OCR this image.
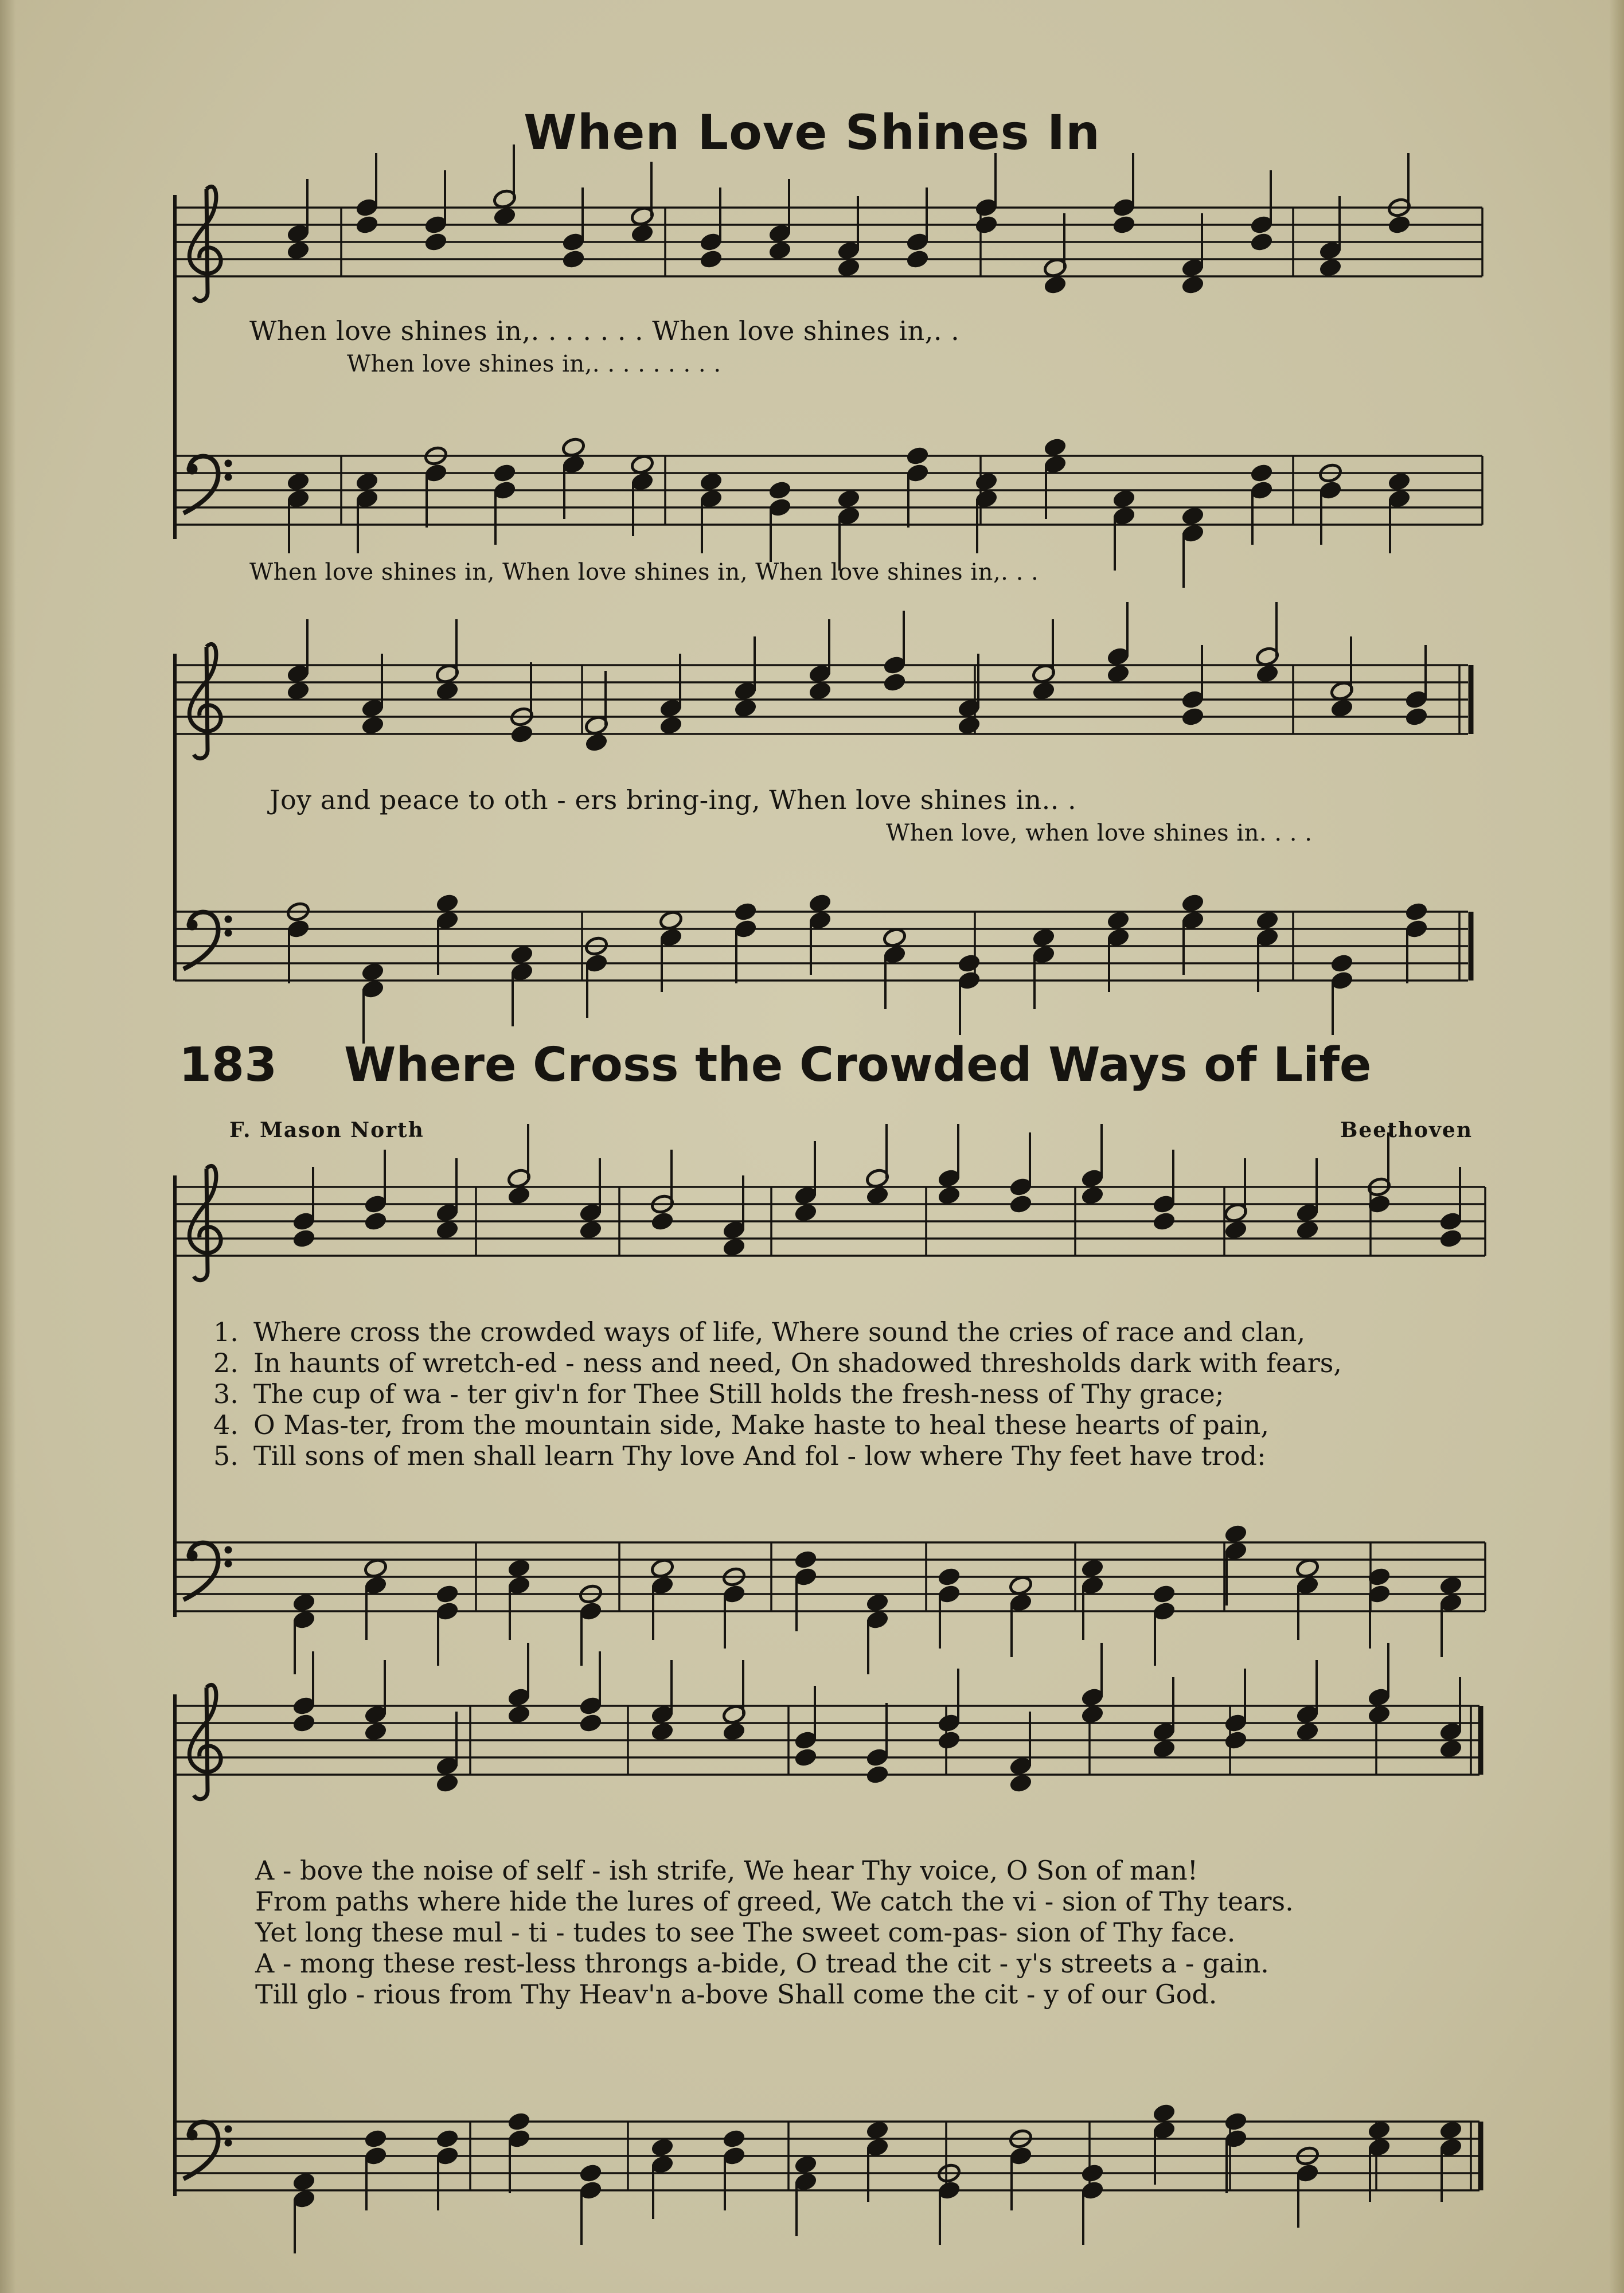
When Love Shines In
When love shines in,. . . . . . . When love shines in,. .
When love shines in,. . . . . . . . .
When love shines in, When love shines in, When love shines in,. . .
Joy and peace to oth - ers bring-ing, When love shines in.. .
When love, when love shines in. . . .
183 Where Cross the Crowded Ways of Life
F. Mason North	Beethoven
1. Where cross the crowded ways of life, Where sound the cries of race and clan,
2. In haunts of wretch-ed - ness and need, On shadowed thresholds dark with fears,
3. The cup of wa - ter giv'n for Thee Still holds the fresh-ness of Thy grace;
4. O Mas-ter, from the mountain side, Make haste to heal these hearts of pain,
5. Till sons of men shall learn Thy love And fol - low where Thy feet have trod:
A - bove the noise of self - ish strife, We hear Thy voice, O Son of man!
From paths where hide the lures of greed, We catch the vi - sion of Thy tears.
Yet long these mul - ti - tudes to see The sweet com-pas- sion of Thy face.
A - mong these rest-less throngs a-bide, O tread the cit - y's streets a - gain.
Till glo - rious from Thy Heav'n a-bove Shall come the cit - y of our God.
